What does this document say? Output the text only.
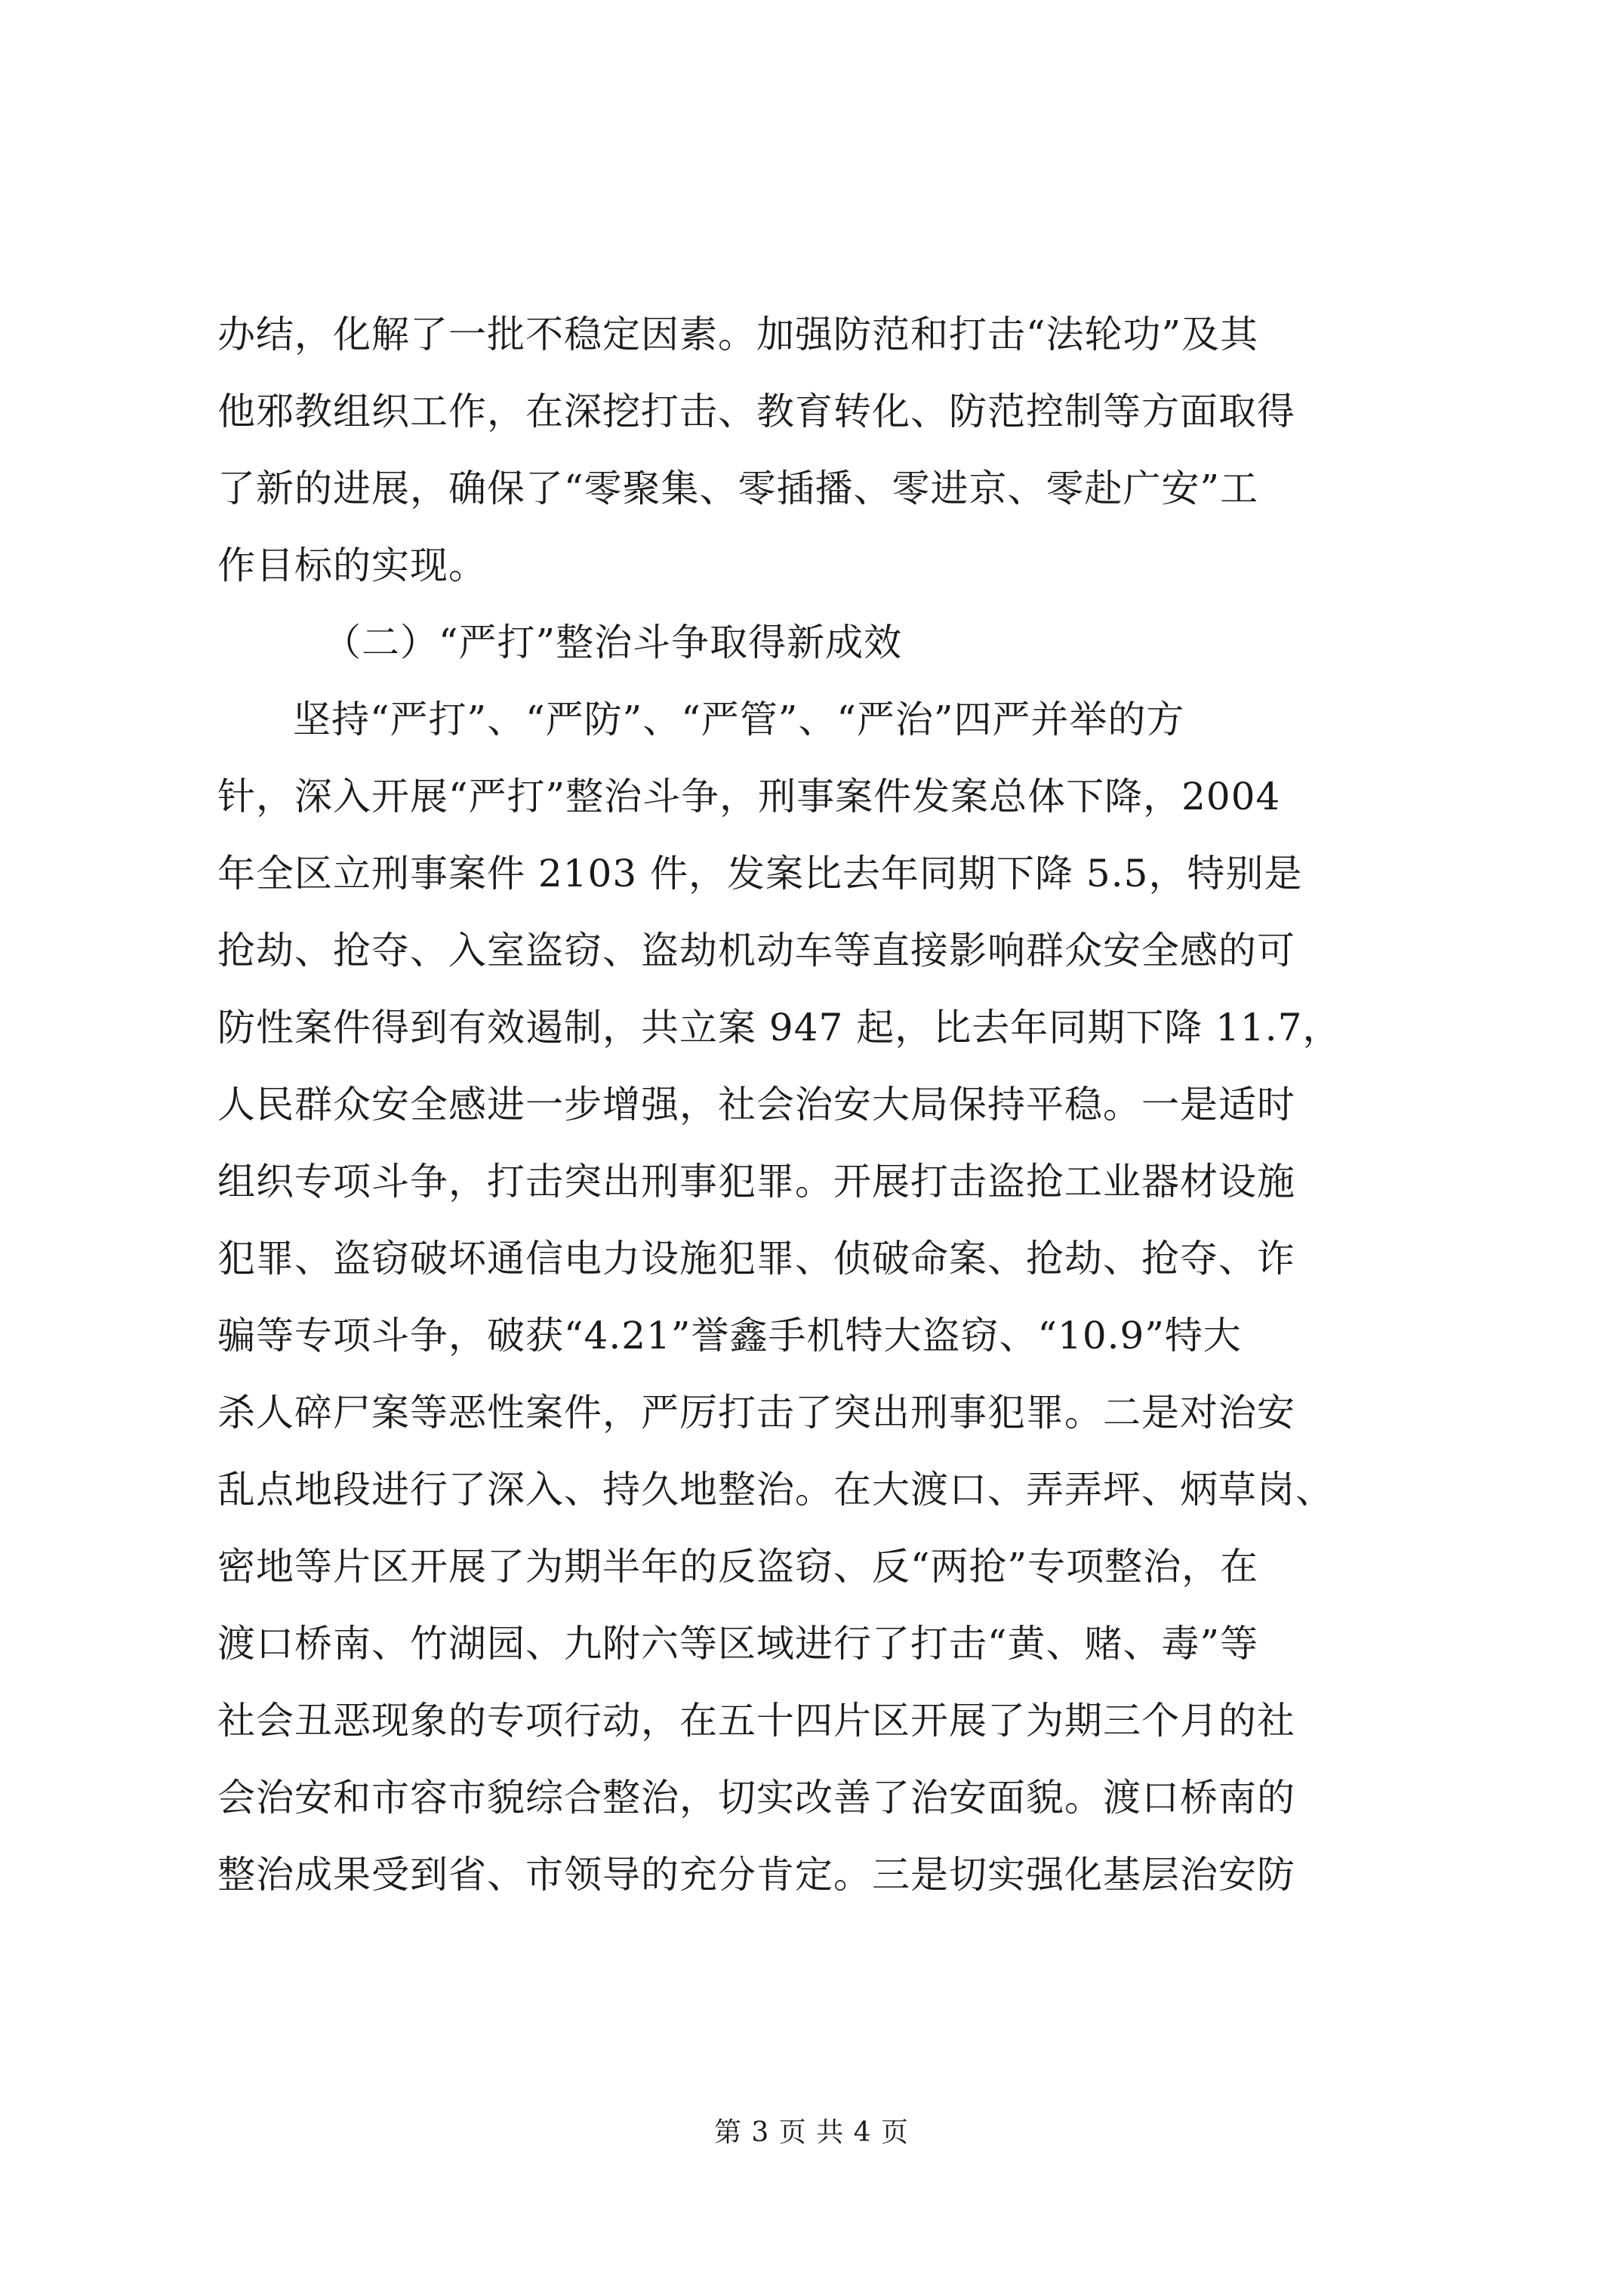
办结，化解了一批不稳定因素。加强防范和打击“法轮功”及其
他邪教组织工作，在深挖打击、教育转化、防范控制等方面取得
了新的进展，确保了“零聚集、零插播、零进京、零赴广安”工
作目标的实现。
（二）“严打”整治斗争取得新成效
坚持“严打”、“严防”、“严管”、“严治”四严并举的方
针，深入开展“严打”整治斗争，刑事案件发案总体下降，2004
年全区立刑事案件 2103 件，发案比去年同期下降 5.5，特别是
抢劫、抢夺、入室盗窃、盗劫机动车等直接影响群众安全感的可
防性案件得到有效遏制，共立案 947 起，比去年同期下降 11.7，
人民群众安全感进一步增强，社会治安大局保持平稳。一是适时
组织专项斗争，打击突出刑事犯罪。开展打击盗抢工业器材设施
犯罪、盗窃破坏通信电力设施犯罪、侦破命案、抢劫、抢夺、诈
骗等专项斗争，破获“4.21”誉鑫手机特大盗窃、“10.9”特大
杀人碎尸案等恶性案件，严厉打击了突出刑事犯罪。二是对治安
乱点地段进行了深入、持久地整治。在大渡口、弄弄坪、炳草岗、
密地等片区开展了为期半年的反盗窃、反“两抢”专项整治，在
渡口桥南、竹湖园、九附六等区域进行了打击“黄、赌、毒”等
社会丑恶现象的专项行动，在五十四片区开展了为期三个月的社
会治安和市容市貌综合整治，切实改善了治安面貌。渡口桥南的
整治成果受到省、市领导的充分肯定。三是切实强化基层治安防
第 3 页 共 4 页
